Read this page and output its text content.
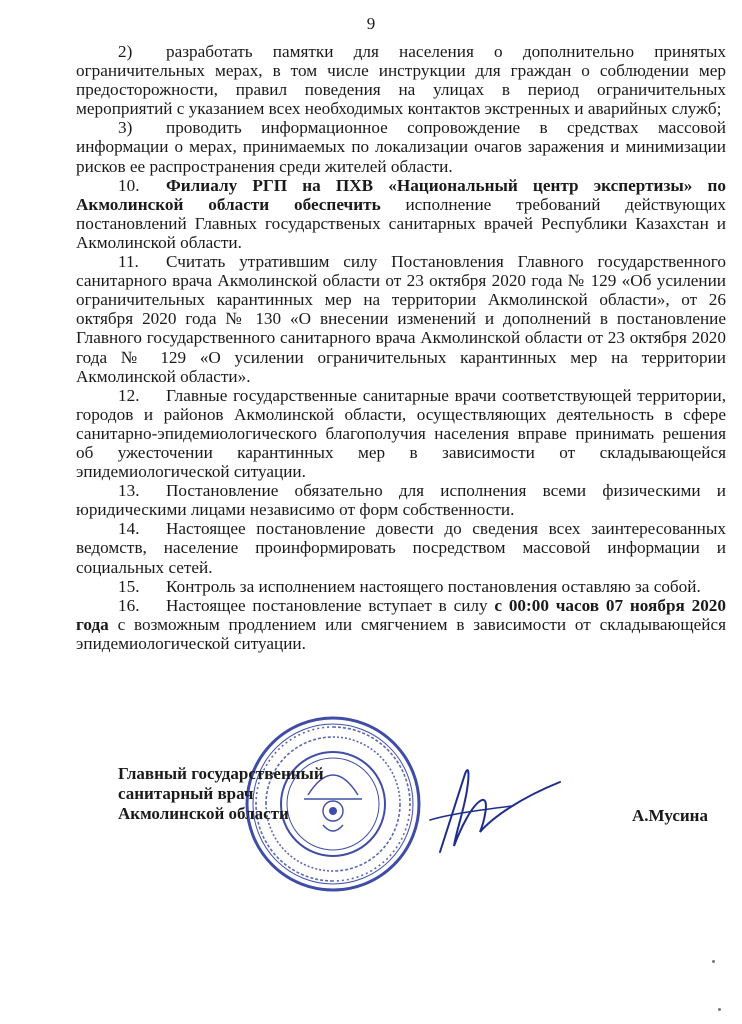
9

2) разработать памятки для населения о дополнительно принятых ограничительных мерах, в том числе инструкции для граждан о соблюдении мер предосторожности, правил поведения на улицах в период ограничительных мероприятий с указанием всех необходимых контактов экстренных и аварийных служб;

3) проводить информационное сопровождение в средствах массовой информации о мерах, принимаемых по локализации очагов заражения и минимизации рисков ее распространения среди жителей области.

10. Филиалу РГП на ПХВ «Национальный центр экспертизы» по Акмолинской области обеспечить исполнение требований действующих постановлений Главных государственых санитарных врачей Республики Казахстан и Акмолинской области.

11. Считать утратившим силу Постановления Главного государственного санитарного врача Акмолинской области от 23 октября 2020 года № 129 «Об усилении ограничительных карантинных мер на территории Акмолинской области», от 26 октября 2020 года № 130 «О внесении изменений и дополнений в постановление Главного государственного санитарного врача Акмолинской области от 23 октября 2020 года № 129 «О усилении ограничительных карантинных мер на территории Акмолинской области».

12. Главные государственные санитарные врачи соответствующей территории, городов и районов Акмолинской области, осуществляющих деятельность в сфере санитарно-эпидемиологического благополучия населения вправе принимать решения об ужесточении карантинных мер в зависимости от складывающейся эпидемиологической ситуации.

13. Постановление обязательно для исполнения всеми физическими и юридическими лицами независимо от форм собственности.

14. Настоящее постановление довести до сведения всех заинтересованных ведомств, население проинформировать посредством массовой информации и социальных сетей.

15. Контроль за исполнением настоящего постановления оставляю за собой.

16. Настоящее постановление вступает в силу с 00:00 часов 07 ноября 2020 года с возможным продлением или смягчением в зависимости от складывающейся эпидемиологической ситуации.

Главный государственный
санитарный врач
Акмолинской области	А.Мусина
